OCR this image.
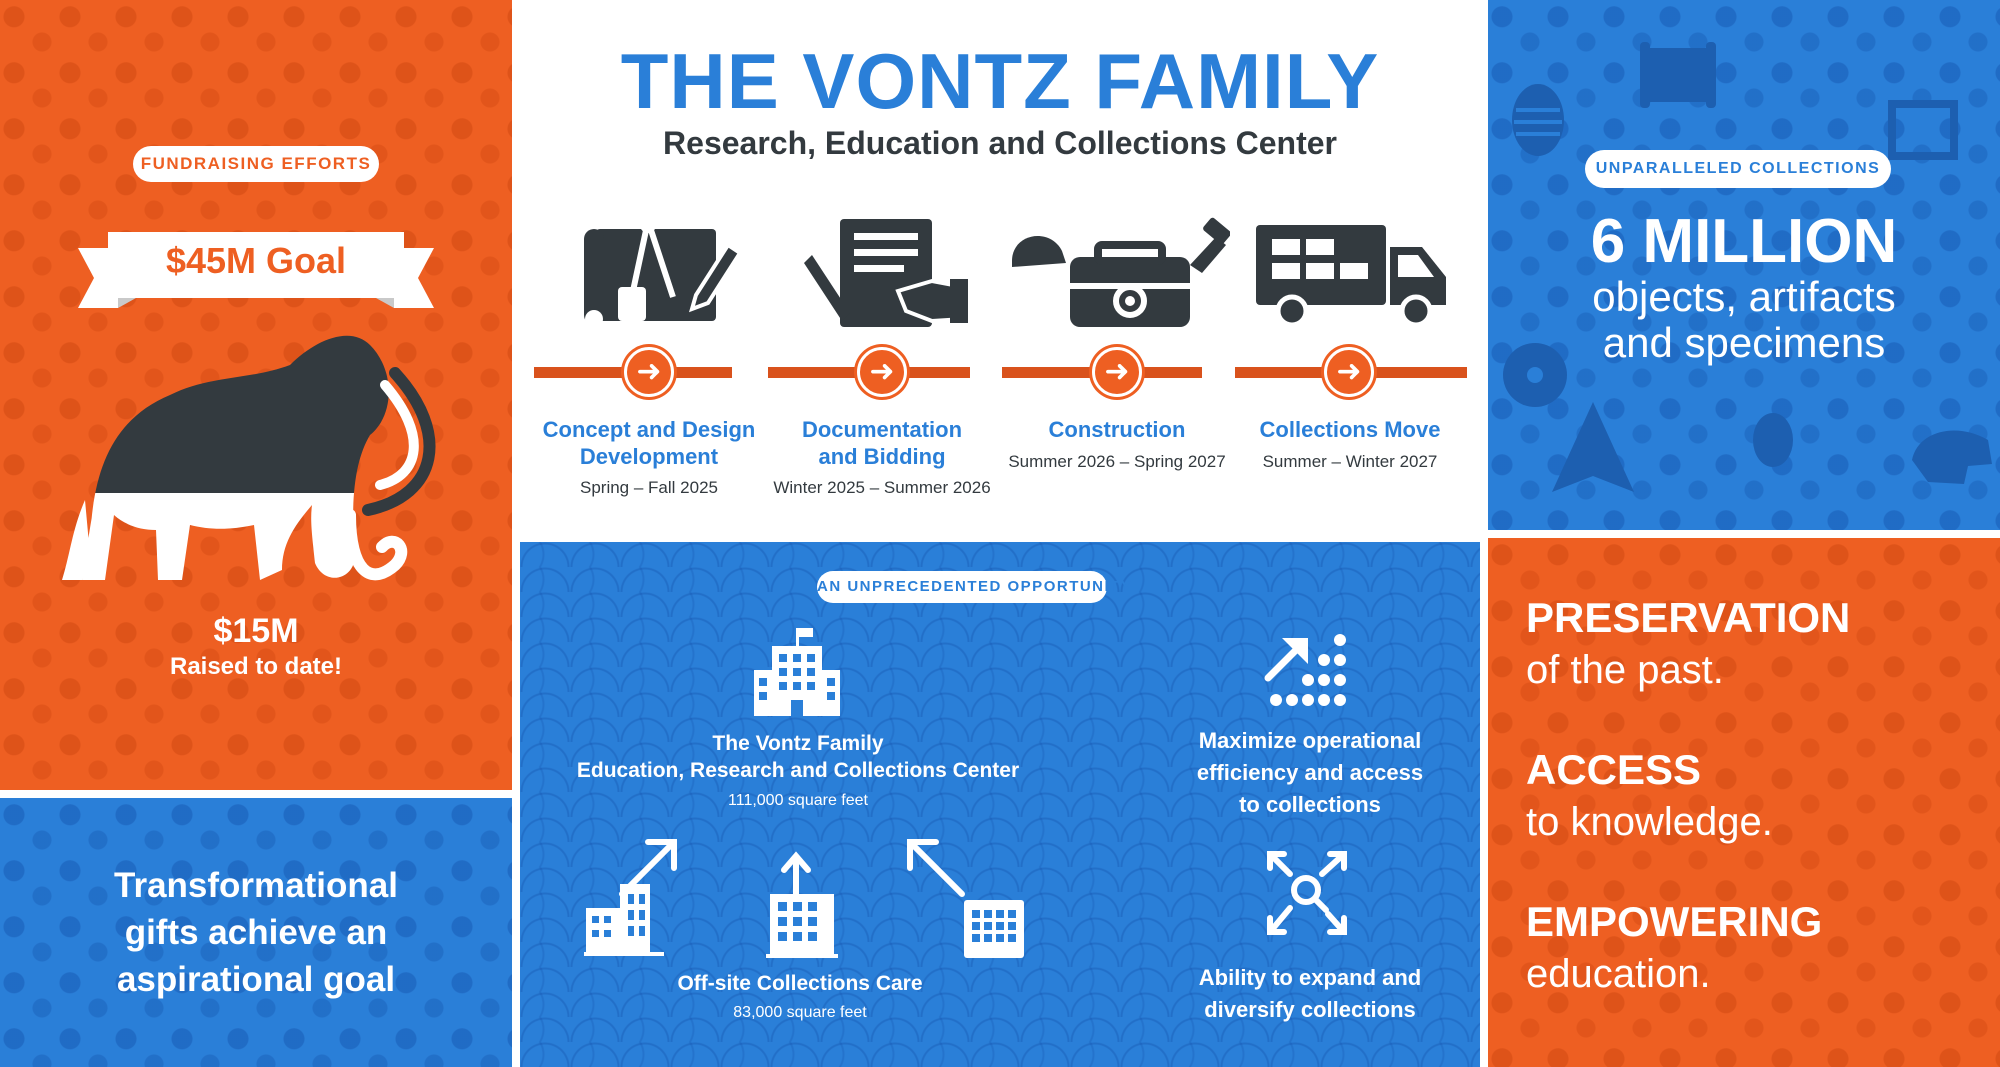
FUNDRAISING EFFORTS
$45M Goal
$15M
Raised to date!
Transformational
gifts achieve an
aspirational goal
THE VONTZ FAMILY
Research, Education and Collections Center
➜	➜	➜	➜
Concept and Design
Development
Spring – Fall 2025
Documentation
and Bidding
Winter 2025 – Summer 2026
Construction
Summer 2026 – Spring 2027
Collections Move
Summer – Winter 2027
AN UNPRECEDENTED OPPORTUNITY
The Vontz Family
Education, Research and Collections Center
111,000 square feet
Off-site Collections Care
83,000 square feet
Maximize operational
efficiency and access
to collections
Ability to expand and
diversify collections
UNPARALLELED COLLECTIONS
6 MILLION
objects, artifacts
and specimens
PRESERVATION
of the past.
ACCESS
to knowledge.
EMPOWERING
education.
